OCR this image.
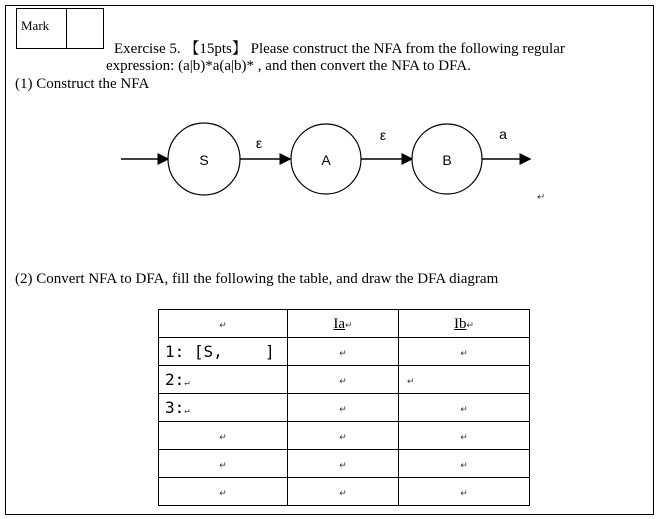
Mark
Exercise 5. 【15pts】 Please construct the NFA from the following regular
expression: (a|b)*a(a|b)* , and then convert the NFA to DFA.
(1) Construct the NFA
S
ε
A
ε
B
a
↵
(2) Convert NFA to DFA, fill the following the table, and draw the DFA diagram
↵	Ia↵	Ib↵
1: [S, ]	↵	↵
2:↵	↵	↵
3:↵	↵	↵
↵	↵	↵
↵	↵	↵
↵	↵	↵
